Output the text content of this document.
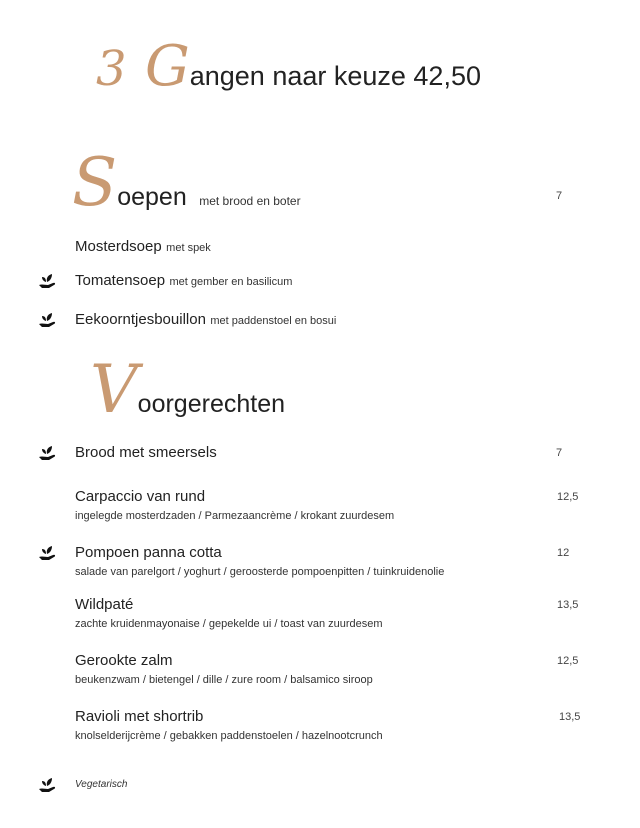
3 Gangen naar keuze 42,50
Soepen met brood en boter	7
Mosterdsoep met spek
Tomatensoep met gember en basilicum
Eekoorntjesbouillon met paddenstoel en bosui
Voorgerechten
Brood met smeersels	7
Carpaccio van rund	12,5
ingelegde mosterdzaden / Parmezaancrème / krokant zuurdesem
Pompoen panna cotta	12
salade van parelgort / yoghurt / geroosterde pompoenpitten / tuinkruidenolie
Wildpaté	13,5
zachte kruidenmayonaise / gepekelde ui / toast van zuurdesem
Gerookte zalm	12,5
beukenzwam / bietengel / dille / zure room / balsamico siroop
Ravioli met shortrib	13,5
knolselderijcrème / gebakken paddenstoelen / hazelnootcrunch
Vegetarisch
